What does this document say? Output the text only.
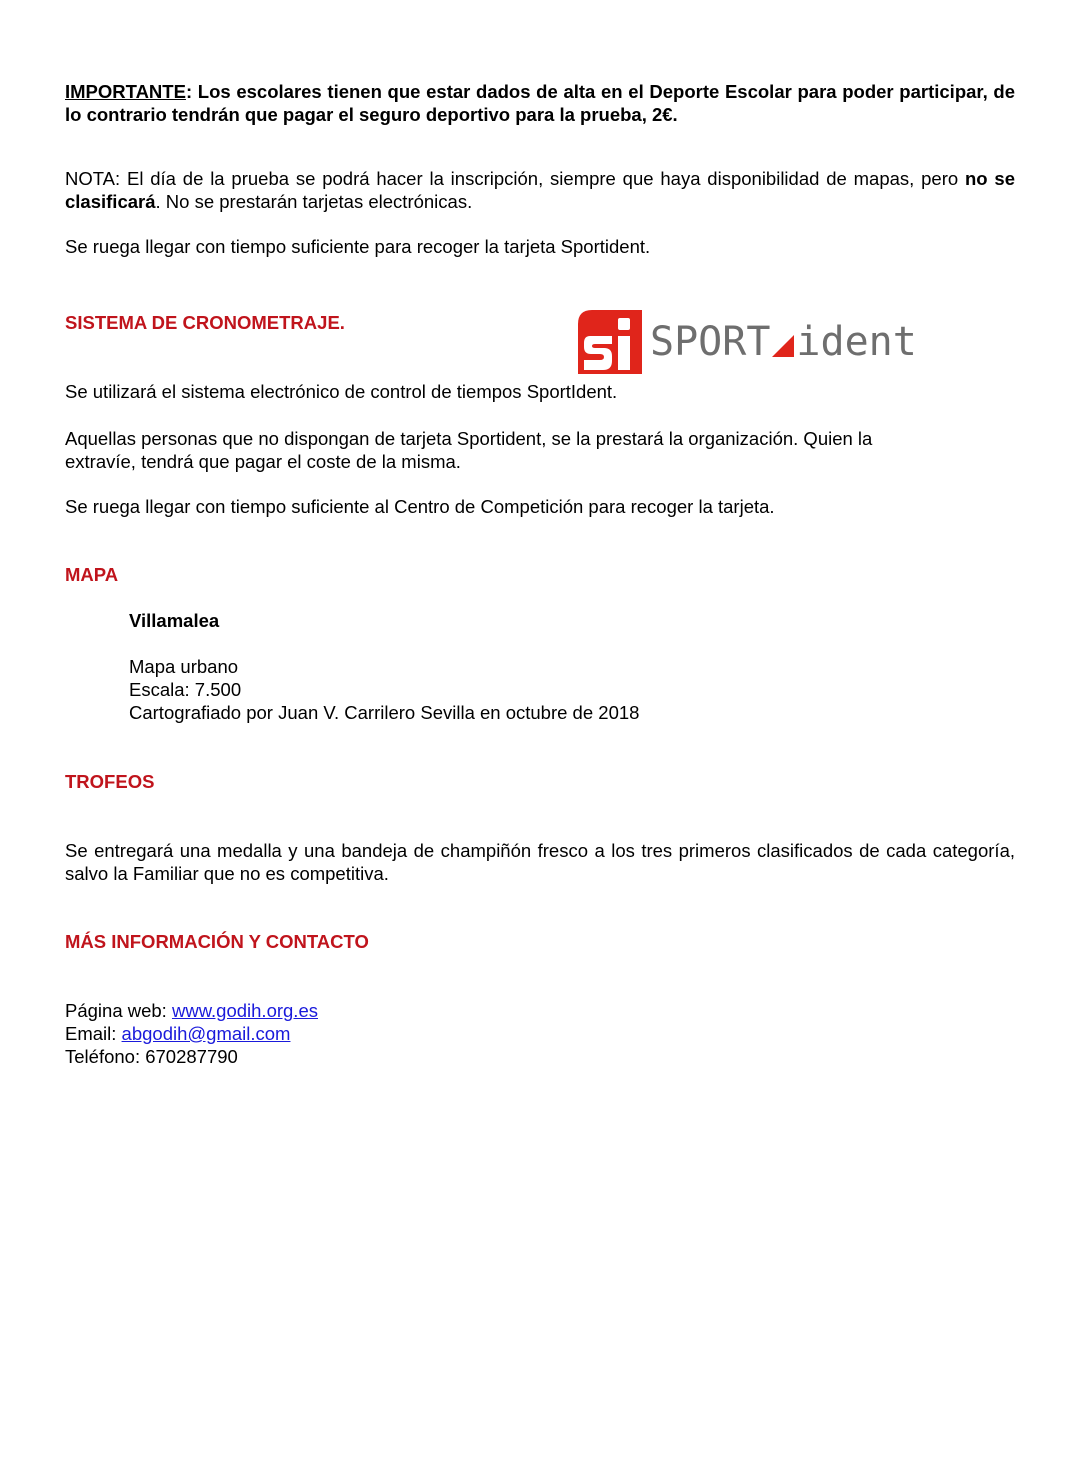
IMPORTANTE: Los escolares tienen que estar dados de alta en el Deporte Escolar para poder participar, de lo contrario tendrán que pagar el seguro deportivo para la prueba, 2€.

NOTA: El día de la prueba se podrá hacer la inscripción, siempre que haya disponibilidad de mapas, pero no se clasificará. No se prestarán tarjetas electrónicas.

Se ruega llegar con tiempo suficiente para recoger la tarjeta Sportident.

SISTEMA DE CRONOMETRAJE.	SPORT ident

Se utilizará el sistema electrónico de control de tiempos SportIdent.

Aquellas personas que no dispongan de tarjeta Sportident, se la prestará la organización. Quien la extravíe, tendrá que pagar el coste de la misma.

Se ruega llegar con tiempo suficiente al Centro de Competición para recoger la tarjeta.

MAPA

Villamalea

Mapa urbano

Escala: 7.500

Cartografiado por Juan V. Carrilero Sevilla en octubre de 2018

TROFEOS

Se entregará una medalla y una bandeja de champiñón fresco a los tres primeros clasificados de cada categoría, salvo la Familiar que no es competitiva.

MÁS INFORMACIÓN Y CONTACTO

Página web: www.godih.org.es

Email: abgodih@gmail.com

Teléfono: 670287790
